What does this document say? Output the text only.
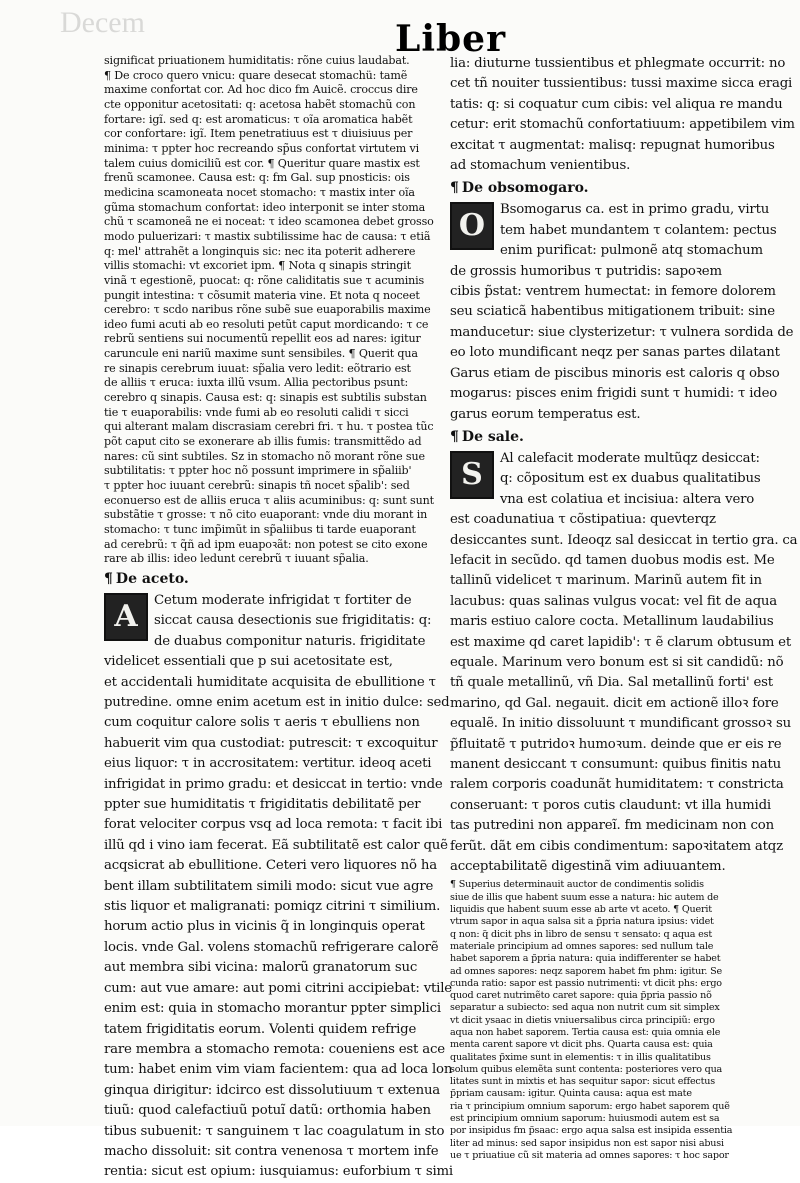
Decem	Liber
significat priuationem humiditatis: rõne cuius laudabat.
¶ De croco quero vnicu: quare desecat stomachü: tamẽ
maxime confortat cor. Ad hoc dico fm Auicẽ. croccus dire
cte opponitur acetositati: q: acetosa habẽt stomachũ con
fortare: igĩ. sed q: est aromaticus: τ oĩa aromatica habẽt
cor confortare: igĩ. Item penetratiuus est τ diuisiuus per
minima: τ ppter hoc recreando sp̃us confortat virtutem vi
talem cuius domiciliũ est cor. ¶ Queritur quare mastix est
frenũ scamonee. Causa est: q: fm Gal. sup pnosticis: ois
medicina scamoneata nocet stomacho: τ mastix inter oĩa
gũma stomachum confortat: ideo interponit se inter stoma
chũ τ scamoneã ne ei noceat: τ ideo scamonea debet grosso
modo puluerizari: τ mastix subtilissime hac de causa: τ etiã
q: mel' attrahẽt a longinquis sic: nec ita poterit adherere
villis stomachi: vt excoriet ipm. ¶ Nota q sinapis stringit
vinã τ egestionẽ, puocat: q: rõne caliditatis sue τ acuminis
pungit intestina: τ cõsumit materia vine. Et nota q noceet
cerebro: τ scdo naribus rõne subẽ sue euaporabilis maxime
ideo fumi acuti ab eo resoluti petũt caput mordicando: τ ce
rebrũ sentiens sui nocumentũ repellit eos ad nares: igitur
caruncule eni nariũ maxime sunt sensibiles. ¶ Querit qua
re sinapis cerebrum iuuat: sp̃alia vero ledit: eõtrario est
de alliis τ eruca: iuxta illũ vsum. Allia pectoribus psunt:
cerebro q sinapis. Causa est: q: sinapis est subtilis substan
tie τ euaporabilis: vnde fumi ab eo resoluti calidi τ sicci
qui alterant malam discrasiam cerebri fri. τ hu. τ postea tũc
põt caput cito se exonerare ab illis fumis: transmittẽdo ad
nares: cũ sint subtiles. Sz in stomacho nõ morant rõne sue
subtilitatis: τ ppter hoc nõ possunt imprimere in sp̃aliib'
τ ppter hoc iuuant cerebrũ: sinapis tñ nocet sp̃alib': sed
econuerso est de alliis eruca τ aliis acuminibus: q: sunt sunt
substãtie τ grosse: τ nõ cito euaporant: vnde diu morant in
stomacho: τ tunc imp̃imũt in sp̃aliibus ti tarde euaporant
ad cerebrũ: τ q̃ñ ad ipm euapoꝛãt: non potest se cito exone
rare ab illis: ideo ledunt cerebrũ τ iuuant sp̃alia.
¶ De aceto.
A	Cetum moderate infrigidat τ fortiter de
siccat causa desectionis sue frigiditatis: q:
de duabus componitur naturis. frigiditate
videlicet essentiali que p sui acetositate est,
et accidentali humiditate acquisita de ebullitione τ
putredine. omne enim acetum est in initio dulce: sed
cum coquitur calore solis τ aeris τ ebulliens non
habuerit vim qua custodiat: putrescit: τ excoquitur
eius liquor: τ in accrositatem: vertitur. ideoq aceti
infrigidat in primo gradu: et desiccat in tertio: vnde
ppter sue humiditatis τ frigiditatis debilitatẽ per
forat velociter corpus vsq ad loca remota: τ facit ibi
illũ qd i vino iam fecerat. Eã subtilitatẽ est calor quẽ
acqsicrat ab ebullitione. Ceteri vero liquores nõ ha
bent illam subtilitatem simili modo: sicut vue agre
stis liquor et maligranati: pomiqz citrini τ similium.
horum actio plus in vicinis q̃ in longinquis operat
locis. vnde Gal. volens stomachũ refrigerare calorẽ
aut membra sibi vicina: malorũ granatorum suc
cum: aut vue amare: aut pomi citrini accipiebat: vtile
enim est: quia in stomacho morantur ppter simplici
tatem frigiditatis eorum. Volenti quidem refrige
rare membra a stomacho remota: coueniens est ace
tum: habet enim vim viam facientem: qua ad loca lon
ginqua dirigitur: idcirco est dissolutiuum τ extenua
tiuũ: quod calefactiuũ potuĩ datũ: orthomia haben
tibus subuenit: τ sanguinem τ lac coagulatum in sto
macho dissoluit: sit contra venenosa τ mortem infe
rentia: sicut est opium: iusquiamus: euforbium τ simi
lia: diuturne tussientibus et phlegmate occurrit: no
cet tñ nouiter tussientibus: tussi maxime sicca eragi
tatis: q: si coquatur cum cibis: vel aliqua re mandu
cetur: erit stomachũ confortatiuum: appetibilem vim
excitat τ augmentat: malisq: repugnat humoribus
ad stomachum venientibus.
¶ De obsomogaro.
O	Bsomogarus ca. est in primo gradu, virtu
tem habet mundantem τ colantem: pectus
enim purificat: pulmonẽ atq stomachum
de grossis humoribus τ putridis: sapoꝛem
cibis p̃stat: ventrem humectat: in femore dolorem
seu sciaticã habentibus mitigationem tribuit: sine
manducetur: siue clysterizetur: τ vulnera sordida de
eo loto mundificant neqz per sanas partes dilatant
Garus etiam de piscibus minoris est caloris q obso
mogarus: pisces enim frigidi sunt τ humidi: τ ideo
garus eorum temperatus est.
¶ De sale.
S	Al calefacit moderate multũqz desiccat:
q: cõpositum est ex duabus qualitatibus
vna est colatiua et incisiua: altera vero
est coadunatiua τ cõstipatiua: quevterqz
desiccantes sunt. Ideoqz sal desiccat in tertio gra. ca
lefacit in secũdo. qd tamen duobus modis est. Me
tallinũ videlicet τ marinum. Marinũ autem fit in
lacubus: quas salinas vulgus vocat: vel fit de aqua
maris estiuo calore cocta. Metallinum laudabilius
est maxime qd caret lapidib': τ ẽ clarum obtusum et
equale. Marinum vero bonum est si sit candidũ: nõ
tñ quale metallinũ, vñ Dia. Sal metallinũ forti' est
marino, qd Gal. negauit. dicit em actionẽ illoꝛ fore
equalẽ. In initio dissoluunt τ mundificant grossoꝛ su
p̃fluitatẽ τ putridoꝛ humoꝛum. deinde que er eis re
manent desiccant τ consumunt: quibus finitis natu
ralem corporis coadunãt humiditatem: τ constricta
conseruant: τ poros cutis claudunt: vt illa humidi
tas putredini non appareĩ. fm medicinam non con
ferũt. dãt em cibis condimentum: sapoꝛitatem atqz
acceptabilitatẽ digestinã vim adiuuantem.
¶ Superius determinauit auctor de condimentis solidis
siue de illis que habent suum esse a natura: hic autem de
liquidis que habent suum esse ab arte vt aceto. ¶ Querit
vtrum sapor in aqua salsa sit a p̃pria natura ipsius: videt
q non: q̃ dicit phs in libro de sensu τ sensato: q aqua est
materiale principium ad omnes sapores: sed nullum tale
habet saporem a p̃pria natura: quia indifferenter se habet
ad omnes sapores: neqz saporem habet fm phm: igitur. Se
cunda ratio: sapor est passio nutrimenti: vt dicit phs: ergo
quod caret nutrimẽto caret sapore: quia p̃pria passio nõ
separatur a subiecto: sed aqua non nutrit cum sit simplex
vt dicit ysaac in dietis vniuersalibus circa principiũ: ergo
aqua non habet saporem. Tertia causa est: quia omnia ele
menta carent sapore vt dicit phs. Quarta causa est: quia
qualitates p̃xime sunt in elementis: τ in illis qualitatibus
solum quibus elemẽta sunt contenta: posteriores vero qua
litates sunt in mixtis et has sequitur sapor: sicut effectus
p̃priam causam: igitur. Quinta causa: aqua est mate
ria τ principium omnium saporum: ergo habet saporem quẽ
est principium omnium saporum: huiusmodi autem est sa
por insipidus fm p̃saac: ergo aqua salsa est insipida essentia
liter ad minus: sed sapor insipidus non est sapor nisi abusi
ue τ priuatiue cũ sit materia ad omnes sapores: τ hoc sapor
